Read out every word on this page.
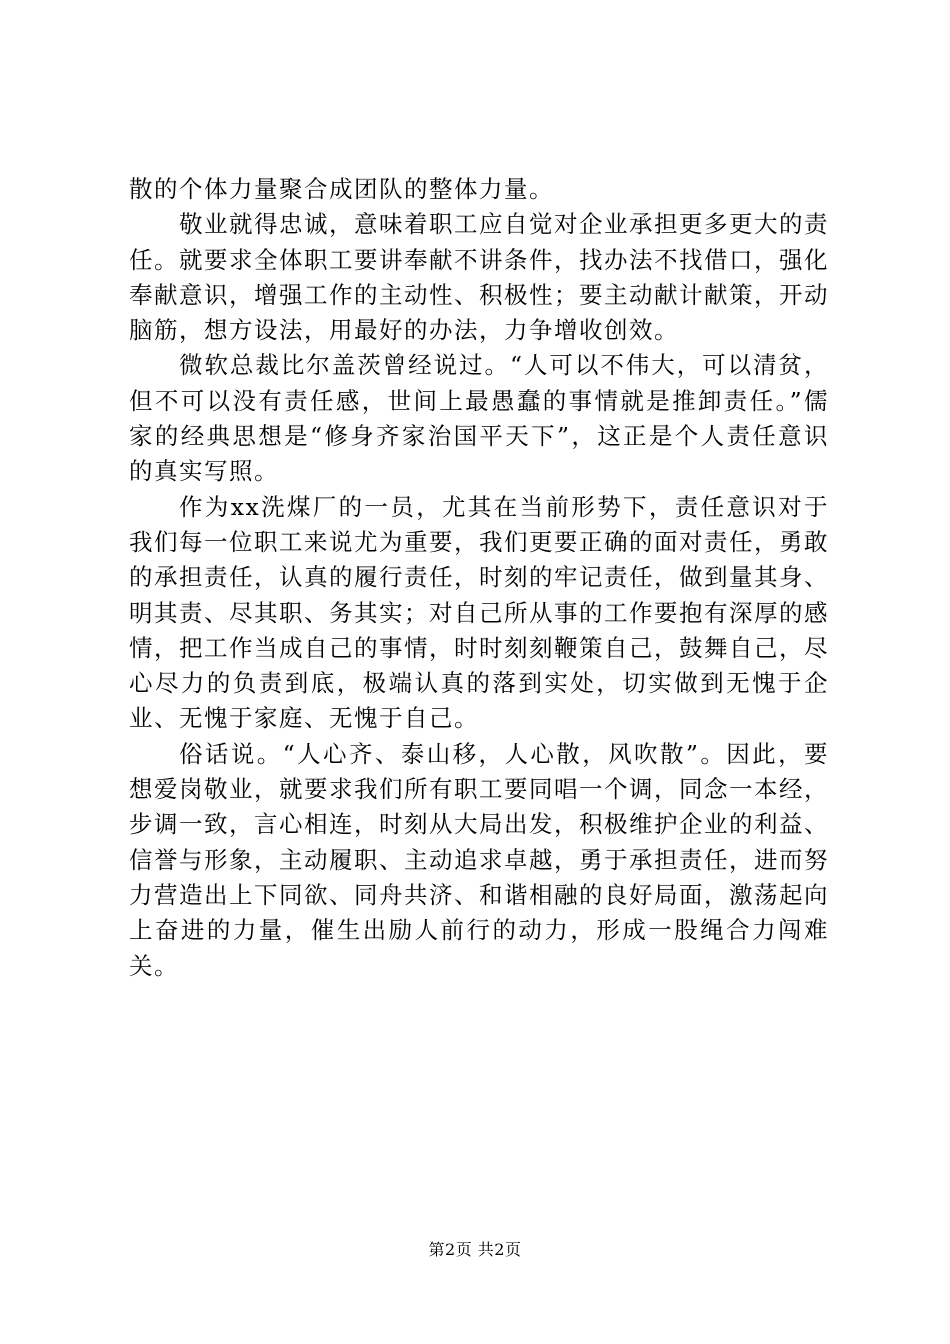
散的个体力量聚合成团队的整体力量。

敬业就得忠诚，意味着职工应自觉对企业承担更多更大的责任。就要求全体职工要讲奉献不讲条件，找办法不找借口，强化奉献意识，增强工作的主动性、积极性；要主动献计献策，开动脑筋，想方设法，用最好的办法，力争增收创效。

微软总裁比尔盖茨曾经说过。“人可以不伟大，可以清贫，但不可以没有责任感，世间上最愚蠢的事情就是推卸责任。”儒家的经典思想是“修身齐家治国平天下”，这正是个人责任意识的真实写照。

作为xx洗煤厂的一员，尤其在当前形势下，责任意识对于我们每一位职工来说尤为重要，我们更要正确的面对责任，勇敢的承担责任，认真的履行责任，时刻的牢记责任，做到量其身、明其责、尽其职、务其实；对自己所从事的工作要抱有深厚的感情，把工作当成自己的事情，时时刻刻鞭策自己，鼓舞自己，尽心尽力的负责到底，极端认真的落到实处，切实做到无愧于企业、无愧于家庭、无愧于自己。

俗话说。“人心齐、泰山移，人心散，风吹散”。因此，要想爱岗敬业，就要求我们所有职工要同唱一个调，同念一本经，步调一致，言心相连，时刻从大局出发，积极维护企业的利益、信誉与形象，主动履职、主动追求卓越，勇于承担责任，进而努力营造出上下同欲、同舟共济、和谐相融的良好局面，激荡起向上奋进的力量，催生出励人前行的动力，形成一股绳合力闯难关。

第2页 共2页
